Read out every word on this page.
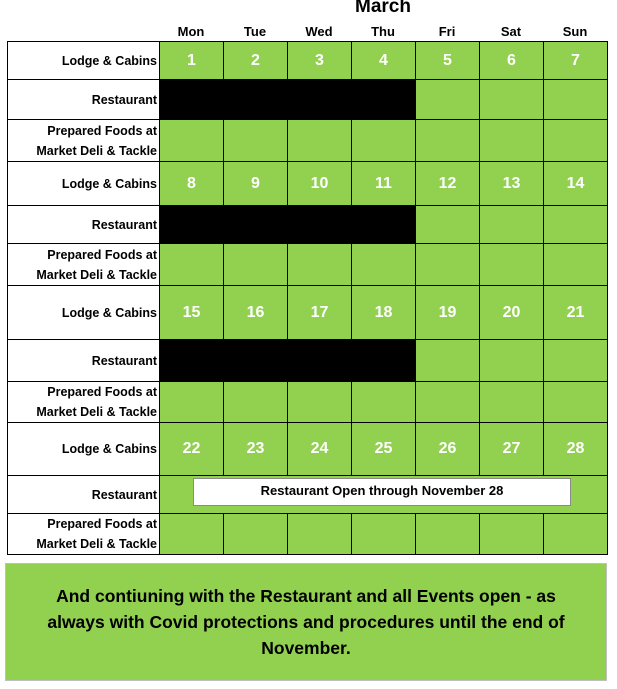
March
Mon	Tue	Wed	Thu	Fri	Sat	Sun
Lodge & Cabins	1	2	3	4	5	6	7
Restaurant							
Prepared Foods at
Market Deli & Tackle							
Lodge & Cabins	8	9	10	11	12	13	14
Restaurant							
Prepared Foods at
Market Deli & Tackle							
Lodge & Cabins	15	16	17	18	19	20	21
Restaurant							
Prepared Foods at
Market Deli & Tackle							
Lodge & Cabins	22	23	24	25	26	27	28
Restaurant	Restaurant Open through November 28						

Prepared Foods at
Market Deli & Tackle							
And contiuning with the Restaurant and all Events open - as always with Covid protections and procedures until the end of November.
